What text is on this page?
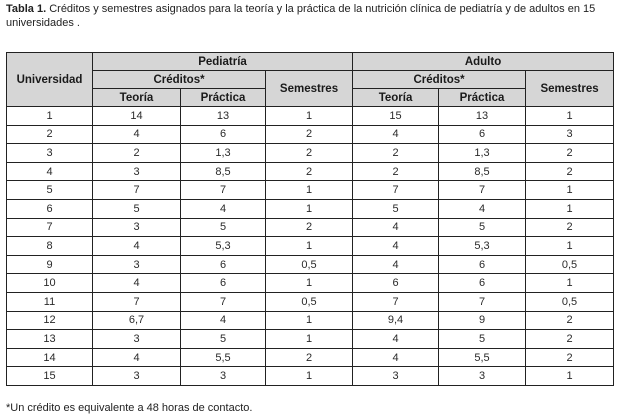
Tabla 1. Créditos y semestres asignados para la teoría y la práctica de la nutrición clínica de pediatría y de adultos en 15 universidades .
Universidad	Pediatría			Adulto		
	Créditos*		Semestres	Créditos*		Semestres
	Teoría	Práctica		Teoría	Práctica	
1	14	13	1	15	13	1
2	4	6	2	4	6	3
3	2	1,3	2	2	1,3	2
4	3	8,5	2	2	8,5	2
5	7	7	1	7	7	1
6	5	4	1	5	4	1
7	3	5	2	4	5	2
8	4	5,3	1	4	5,3	1
9	3	6	0,5	4	6	0,5
10	4	6	1	6	6	1
11	7	7	0,5	7	7	0,5
12	6,7	4	1	9,4	9	2
13	3	5	1	4	5	2
14	4	5,5	2	4	5,5	2
15	3	3	1	3	3	1
*Un crédito es equivalente a 48 horas de contacto.
